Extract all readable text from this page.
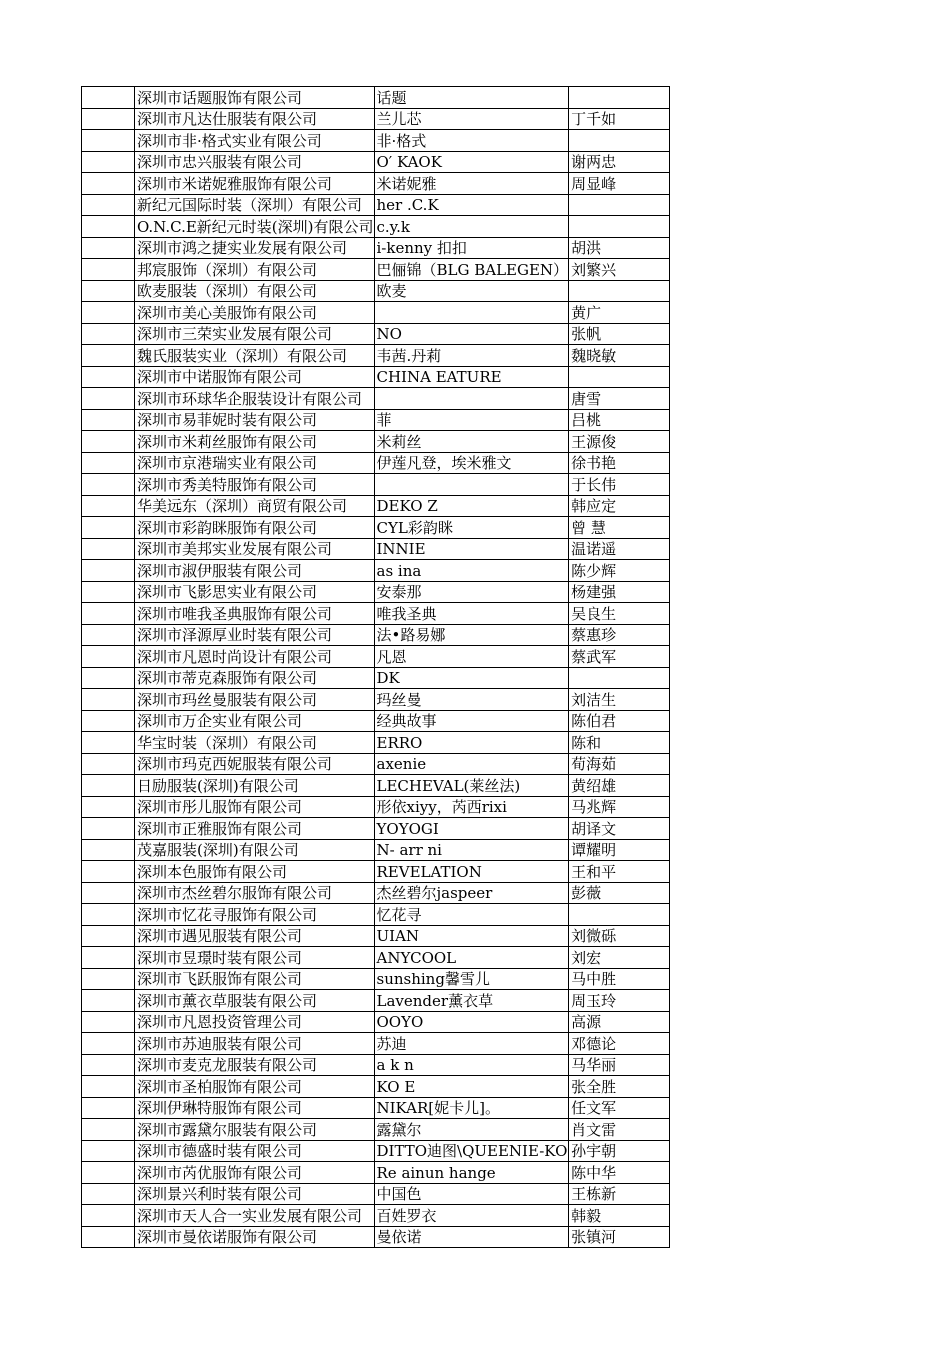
	深圳市话题服饰有限公司	话题	
	深圳市凡达仕服装有限公司	兰儿芯	丁千如
	深圳市非·格式实业有限公司	非·格式	
	深圳市忠兴服装有限公司	O′ KAOK	谢两忠
	深圳市米诺妮雅服饰有限公司	米诺妮雅	周显峰
	新纪元国际时装（深圳）有限公司	her .C.K	
	O.N.C.E新纪元时装(深圳)有限公司	c.y.k	
	深圳市鸿之捷实业发展有限公司	i-kenny 扣扣	胡洪
	邦宸服饰（深圳）有限公司	巴俪锦（BLG BALEGEN）	刘繁兴
	欧麦服装（深圳）有限公司	欧麦	
	深圳市美心美服饰有限公司		黄广
	深圳市三荣实业发展有限公司	NO	张帆
	魏氏服装实业（深圳）有限公司	韦茜.丹莉	魏晓敏
	深圳市中诺服饰有限公司	CHINA EATURE	
	深圳市环球华企服装设计有限公司		唐雪
	深圳市易菲妮时装有限公司	菲	吕桃
	深圳市米莉丝服饰有限公司	米莉丝	王源俊
	深圳市京港瑞实业有限公司	伊莲凡登，埃米雅文	徐书艳
	深圳市秀美特服饰有限公司		于长伟
	华美远东（深圳）商贸有限公司	DEKO Z	韩应定
	深圳市彩韵眯服饰有限公司	CYL彩韵眯	曾 慧
	深圳市美邦实业发展有限公司	INNIE	温诺遥
	深圳市淑伊服装有限公司	as ina	陈少辉
	深圳市飞影思实业有限公司	安泰那	杨建强
	深圳市唯我圣典服饰有限公司	唯我圣典	吴良生
	深圳市泽源厚业时装有限公司	法•路易娜	蔡惠珍
	深圳市凡恩时尚设计有限公司	凡恩	蔡武军
	深圳市蒂克森服饰有限公司	DK	
	深圳市玛丝曼服装有限公司	玛丝曼	刘洁生
	深圳市万企实业有限公司	经典故事	陈伯君
	华宝时装（深圳）有限公司	ERRO	陈和
	深圳市玛克西妮服装有限公司	axenie	荀海茹
	日励服装(深圳)有限公司	LECHEVAL(莱丝法)	黄绍雄
	深圳市彤儿服饰有限公司	形依xiyy，芮西rixi	马兆辉
	深圳市正雅服饰有限公司	YOYOGI	胡译文
	茂嘉服装(深圳)有限公司	N- arr ni	谭耀明
	深圳本色服饰有限公司	REVELATION	王和平
	深圳市杰丝碧尔服饰有限公司	杰丝碧尔jaspeer	彭薇
	深圳市忆花寻服饰有限公司	忆花寻	
	深圳市遇见服装有限公司	UIAN	刘微砾
	深圳市昱璟时装有限公司	ANYCOOL	刘宏
	深圳市飞跃服饰有限公司	sunshing馨雪儿	马中胜
	深圳市薰衣草服装有限公司	Lavender薰衣草	周玉玲
	深圳市凡恩投资管理公司	OOYO	高源
	深圳市苏迪服装有限公司	苏迪	邓德论
	深圳市麦克龙服装有限公司	a k n	马华丽
	深圳市圣柏服饰有限公司	KO E	张全胜
	深圳伊琳特服饰有限公司	NIKAR[妮卡儿]。	任文军
	深圳市露黛尔服装有限公司	露黛尔	肖文雷
	深圳市德盛时装有限公司	DITTO迪图\QUEENIE-KO	孙宇朝
	深圳市芮优服饰有限公司	Re ainun hange	陈中华
	深圳景兴利时装有限公司	中国色	王栋新
	深圳市天人合一实业发展有限公司	百姓罗衣	韩毅
	深圳市曼依诺服饰有限公司	曼依诺	张镇河
